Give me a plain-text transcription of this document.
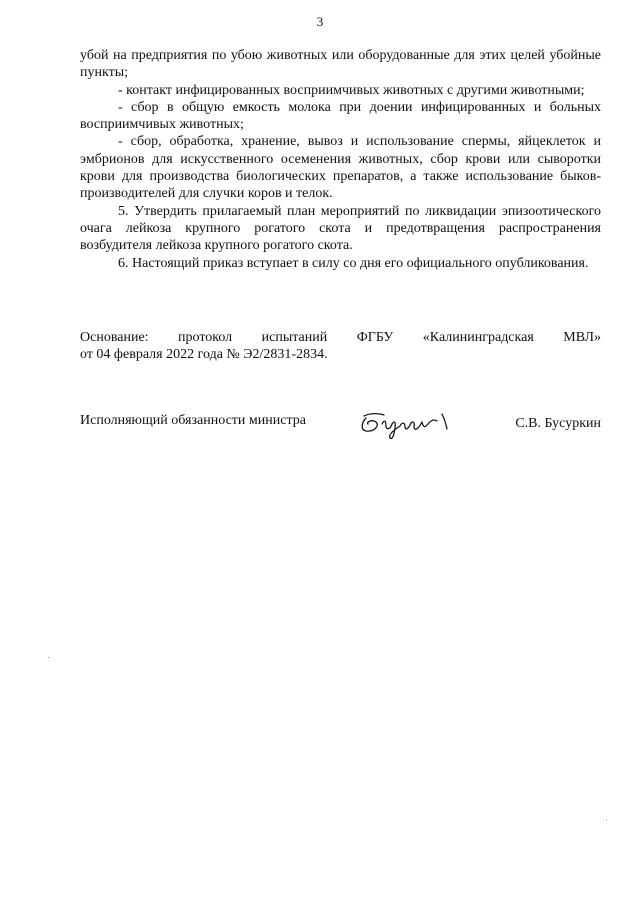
3

убой на предприятия по убою животных или оборудованные для этих целей убойные пункты;

- контакт инфицированных восприимчивых животных с другими животными;

- сбор в общую емкость молока при доении инфицированных и больных восприимчивых животных;

- сбор, обработка, хранение, вывоз и использование спермы, яйцеклеток и эмбрионов для искусственного осеменения животных, сбор крови или сыворотки крови для производства биологических препаратов, а также использование быков-производителей для случки коров и телок.

5. Утвердить прилагаемый план мероприятий по ликвидации эпизоотического очага лейкоза крупного рогатого скота и предотвращения распространения возбудителя лейкоза крупного рогатого скота.

6. Настоящий приказ вступает в силу со дня его официального опубликования.

Основание: протокол испытаний ФГБУ «Калининградская МВЛ»
от 04 февраля 2022 года № Э2/2831-2834.
Исполняющий обязанности министра	С.В. Бусуркин
